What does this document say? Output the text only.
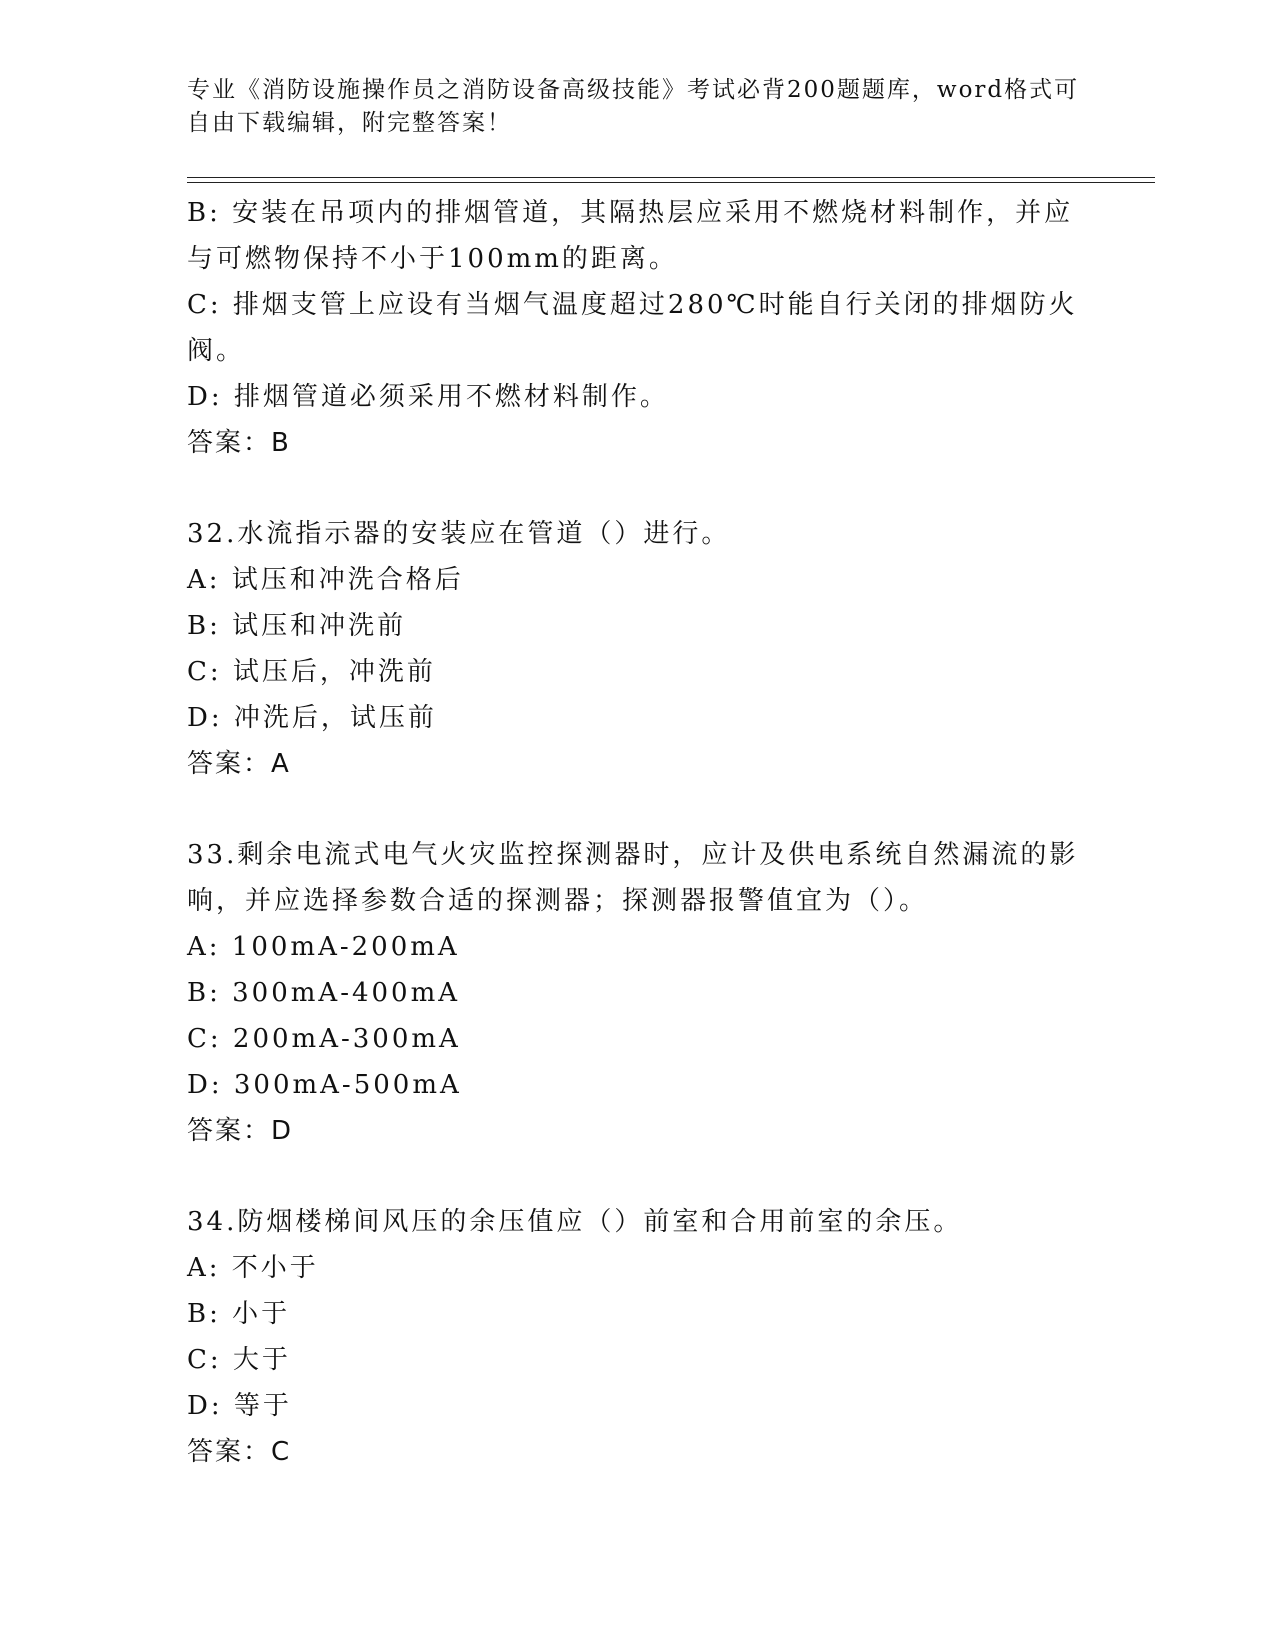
专业《消防设施操作员之消防设备高级技能》考试必背200题题库，word格式可
自由下载编辑，附完整答案！
B: 安装在吊项内的排烟管道，其隔热层应采用不燃烧材料制作，并应
与可燃物保持不小于100mm的距离。
C: 排烟支管上应设有当烟气温度超过280℃时能自行关闭的排烟防火
阀。
D: 排烟管道必须采用不燃材料制作。
答案：B
32.水流指示器的安装应在管道（）进行。
A: 试压和冲洗合格后
B: 试压和冲洗前
C: 试压后，冲洗前
D: 冲洗后，试压前
答案：A
33.剩余电流式电气火灾监控探测器时，应计及供电系统自然漏流的影
响，并应选择参数合适的探测器；探测器报警值宜为（）。
A: 100mA-200mA
B: 300mA-400mA
C: 200mA-300mA
D: 300mA-500mA
答案：D
34.防烟楼梯间风压的余压值应（）前室和合用前室的余压。
A: 不小于
B: 小于
C: 大于
D: 等于
答案：C
